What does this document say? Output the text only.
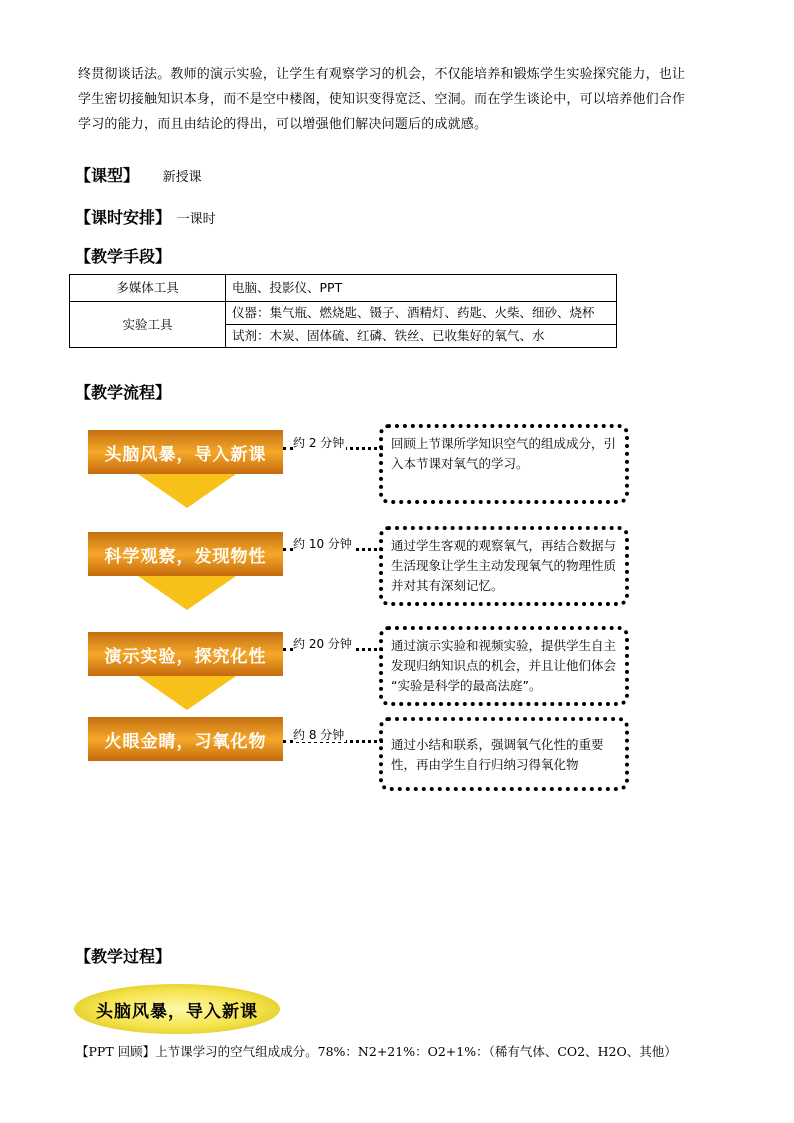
终贯彻谈话法。教师的演示实验，让学生有观察学习的机会，不仅能培养和锻炼学生实验探究能力，也让
学生密切接触知识本身，而不是空中楼阁，使知识变得宽泛、空洞。而在学生谈论中，可以培养他们合作
学习的能力，而且由结论的得出，可以增强他们解决问题后的成就感。
【课型】 新授课
【课时安排】 一课时
【教学手段】
多媒体工具	电脑、投影仪、PPT
实验工具	仪器：集气瓶、燃烧匙、镊子、酒精灯、药匙、火柴、细砂、烧杯
	试剂：木炭、固体硫、红磷、铁丝、已收集好的氧气、水
【教学流程】
头脑风暴，导入新课
约 2 分钟	回顾上节课所学知识空气的组成成分，引入本节课对氧气的学习。
科学观察，发现物性
约 10 分钟	通过学生客观的观察氧气，再结合数据与生活现象让学生主动发现氧气的物理性质并对其有深刻记忆。
演示实验，探究化性
约 20 分钟	通过演示实验和视频实验，提供学生自主发现归纳知识点的机会，并且让他们体会 “实验是科学的最高法庭”。
火眼金睛，习氧化物	约 8 分钟
通过小结和联系，强调氧气化性的重要性，再由学生自行归纳习得氧化物
【教学过程】
头脑风暴，导入新课
【PPT 回顾】上节课学习的空气组成成分。78%：N2+21%：O2+1%：（稀有气体、CO2、H2O、其他）
